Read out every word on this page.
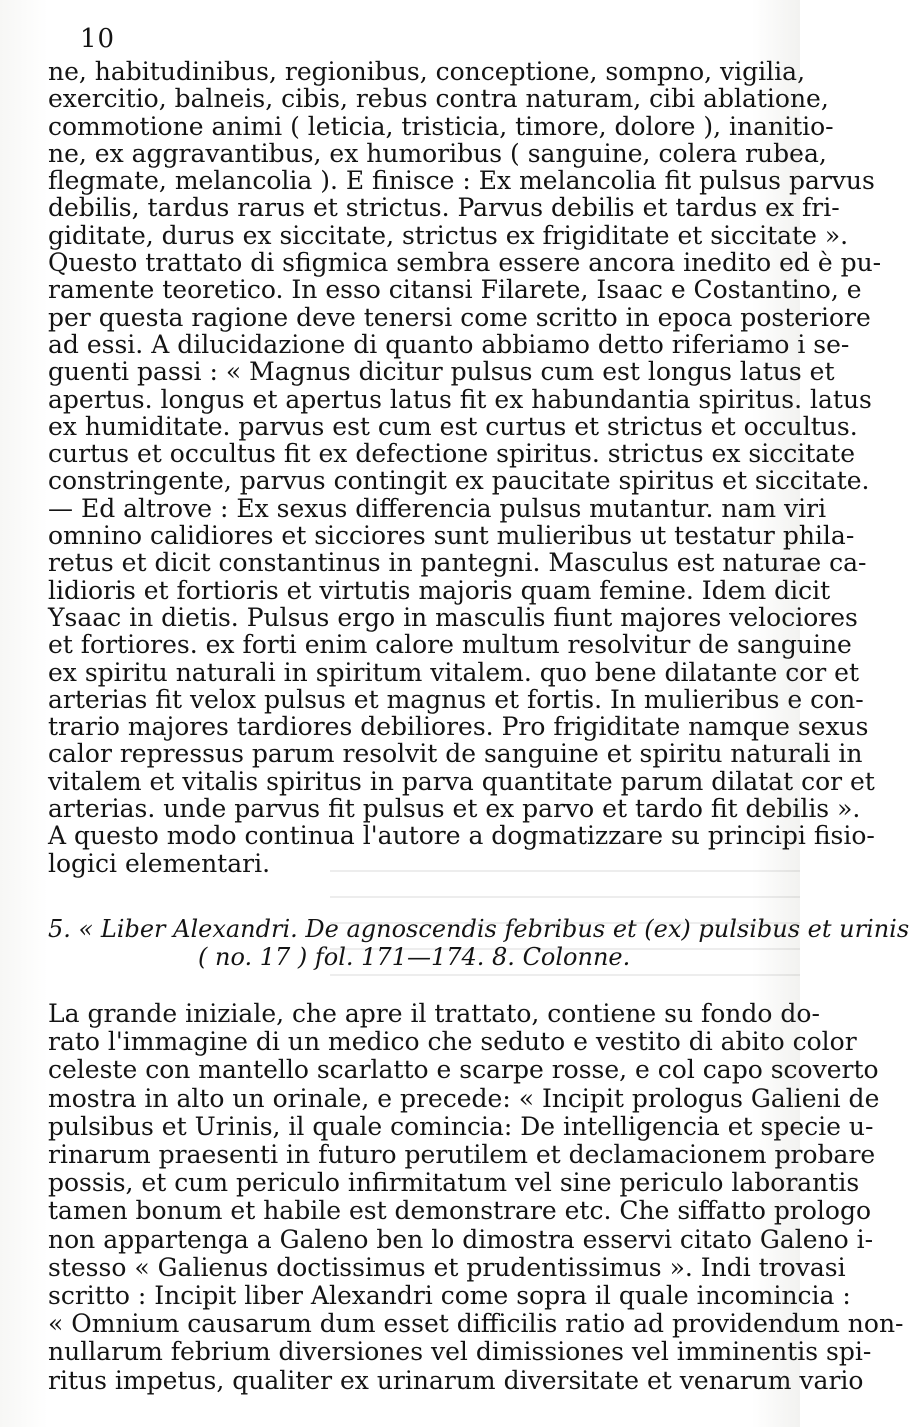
10
ne, habitudinibus, regionibus, conceptione, sompno, vigilia,
exercitio, balneis, cibis, rebus contra naturam, cibi ablatione,
commotione animi ( leticia, tristicia, timore, dolore ), inanitio-
ne, ex aggravantibus, ex humoribus ( sanguine, colera rubea,
flegmate, melancolia ). E finisce : Ex melancolia fit pulsus parvus
debilis, tardus rarus et strictus. Parvus debilis et tardus ex fri-
giditate, durus ex siccitate, strictus ex frigiditate et siccitate ».
Questo trattato di sfigmica sembra essere ancora inedito ed è pu-
ramente teoretico. In esso citansi Filarete, Isaac e Costantino, e
per questa ragione deve tenersi come scritto in epoca posteriore
ad essi. A dilucidazione di quanto abbiamo detto riferiamo i se-
guenti passi : « Magnus dicitur pulsus cum est longus latus et
apertus. longus et apertus latus fit ex habundantia spiritus. latus
ex humiditate. parvus est cum est curtus et strictus et occultus.
curtus et occultus fit ex defectione spiritus. strictus ex siccitate
constringente, parvus contingit ex paucitate spiritus et siccitate.
— Ed altrove : Ex sexus differencia pulsus mutantur. nam viri
omnino calidiores et sicciores sunt mulieribus ut testatur phila-
retus et dicit constantinus in pantegni. Masculus est naturae ca-
lidioris et fortioris et virtutis majoris quam femine. Idem dicit
Ysaac in dietis. Pulsus ergo in masculis fiunt majores velociores
et fortiores. ex forti enim calore multum resolvitur de sanguine
ex spiritu naturali in spiritum vitalem. quo bene dilatante cor et
arterias fit velox pulsus et magnus et fortis. In mulieribus e con-
trario majores tardiores debiliores. Pro frigiditate namque sexus
calor repressus parum resolvit de sanguine et spiritu naturali in
vitalem et vitalis spiritus in parva quantitate parum dilatat cor et
arterias. unde parvus fit pulsus et ex parvo et tardo fit debilis ».
A questo modo continua l'autore a dogmatizzare su principi fisio-
logici elementari.
5. « Liber Alexandri. De agnoscendis febribus et (ex) pulsibus et urinis
( no. 17 ) fol. 171—174. 8. Colonne.
La grande iniziale, che apre il trattato, contiene su fondo do-
rato l'immagine di un medico che seduto e vestito di abito color
celeste con mantello scarlatto e scarpe rosse, e col capo scoverto
mostra in alto un orinale, e precede: « Incipit prologus Galieni de
pulsibus et Urinis, il quale comincia: De intelligencia et specie u-
rinarum praesenti in futuro perutilem et declamacionem probare
possis, et cum periculo infirmitatum vel sine periculo laborantis
tamen bonum et habile est demonstrare etc. Che siffatto prologo
non appartenga a Galeno ben lo dimostra esservi citato Galeno i-
stesso « Galienus doctissimus et prudentissimus ». Indi trovasi
scritto : Incipit liber Alexandri come sopra il quale incomincia :
« Omnium causarum dum esset difficilis ratio ad providendum non-
nullarum febrium diversiones vel dimissiones vel imminentis spi-
ritus impetus, qualiter ex urinarum diversitate et venarum vario
